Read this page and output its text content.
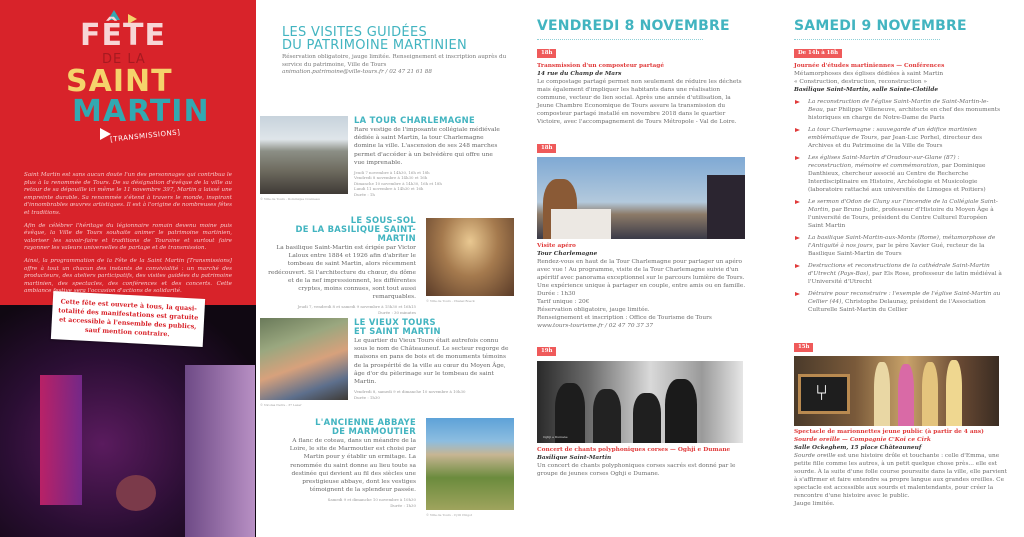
FÊTE
DE LA
SAINT
MARTIN
[TRANSMISSIONS]

Saint Martin est sans aucun doute l'un des personnages qui contribua le plus à la renommée de Tours. De sa désignation d'évêque de la ville au retour de sa dépouille ici même le 11 novembre 397, Martin a laissé une empreinte durable. Sa renommée s'étend à travers le monde, inspirant d'innombrables œuvres artistiques. Il est à l'origine de nombreuses fêtes et traditions.

Afin de célébrer l'héritage du légionnaire romain devenu moine puis évêque, la Ville de Tours souhaite animer le patrimoine martinien, valoriser les savoir-faire et traditions de Touraine et surtout faire rayonner les valeurs universelles de partage et de transmission.

Ainsi, la programmation de la Fête de la Saint Martin [Transmissions] offre à tout un chacun des instants de convivialité : un marché des producteurs, des ateliers participatifs, des visites guidées du patrimoine martinien, des spectacles, des conférences et des concerts. Cette ambiance festive sera l'occasion d'actions de solidarité.

Cette fête est ouverte à tous, la quasi-totalité des manifestations est gratuite et accessible à l'ensemble des publics, sauf mention contraire.
LES VISITES GUIDÉES
DU PATRIMOINE MARTINIEN
Réservation obligatoire, jauge limitée. Renseignement et inscription auprès du service du patrimoine, Ville de Tours
animation.patrimoine@ville-tours.fr / 02 47 21 61 88
© Ville de Tours - Dominique Couineau
LA TOUR CHARLEMAGNE
Rare vestige de l'imposante collégiale médiévale dédiée à saint Martin, la tour Charlemagne domine la ville. L'ascension de ses 248 marches permet d'accéder à un belvédère qui offre une vue imprenable.
Jeudi 7 novembre à 14h30, 16h et 18h
Vendredi 8 novembre à 14h30 et 16h
Dimanche 10 novembre à 14h30, 16h et 18h
Lundi 11 novembre à 14h30 et 16h
Durée : 1h
LE SOUS-SOL
DE LA BASILIQUE SAINT-MARTIN
La basilique Saint-Martin est érigée par Victor Laloux entre 1884 et 1926 afin d'abriter le tombeau de saint Martin, alors récemment redécouvert. Si l'architecture du chœur, du dôme et de la nef impressionnent, les différentes cryptes, moins connues, sont tout aussi remarquables.
Jeudi 7, vendredi 8 et samedi 9 novembre à 15h30 et 16h15
Durée : 30 minutes
© Ville de Tours - Chanel Boeck
© Nicolas Nerre - 37 Lazer
LE VIEUX TOURS
ET SAINT MARTIN
Le quartier du Vieux Tours était autrefois connu sous le nom de Châteauneuf. Le secteur regorge de maisons en pans de bois et de monuments témoins de la prospérité de la ville au cœur du Moyen Âge, âge d'or du pèlerinage sur le tombeau de saint Martin.
Vendredi 8, samedi 9 et dimanche 10 novembre à 10h30
Durée : 1h30
L'ANCIENNE ABBAYE
DE MARMOUTIER
A flanc de coteau, dans un méandre de la Loire, le site de Marmoutier est choisi par Martin pour y établir un ermitage. La renommée du saint donne au lieu toute sa destinée qui devient au fil des siècles une prestigieuse abbaye, dont les vestiges témoignent de la splendeur passée.
Samedi 9 et dimanche 10 novembre à 10h30
Durée : 1h30
© Ville de Tours - Cyril Chigot
VENDREDI 8 NOVEMBRE
18h
Transmission d'un composteur partagé
14 rue du Champ de Mars
Le compostage partagé permet non seulement de réduire les déchets mais également d'impliquer les habitants dans une réalisation commune, vecteur de lien social. Après une année d'utilisation, la Jeune Chambre Economique de Tours assure la transmission du composteur partagé installé en novembre 2018 dans le quartier Victoire, avec l'accompagnement de Tours Métropole - Val de Loire.
18h
Visite apéro
Tour Charlemagne
Rendez-vous en haut de la Tour Charlemagne pour partager un apéro avec vue ! Au programme, visite de la Tour Charlemagne suivie d'un apéritif avec panorama exceptionnel sur le parcours lumière de Tours. Une expérience unique à partager en couple, entre amis ou en famille.
Durée : 1h30
Tarif unique : 20€
Réservation obligatoire, jauge limitée.
Renseignement et inscription : Office de Tourisme de Tours
www.tours-tourisme.fr / 02 47 70 37 37
19h
Oghji e Dumane
Concert de chants polyphoniques corses — Oghji e Dumane
Basilique Saint-Martin
Un concert de chants polyphoniques corses sacrés est donné par le groupe de jeunes corses Oghji e Dumane.
SAMEDI 9 NOVEMBRE
De 14h à 18h
Journée d'études martiniennes — Conférences
Métamorphoses des églises dédiées à saint Martin
« Construction, destruction, reconstruction »
Basilique Saint-Martin, salle Sainte-Clotilde
La reconstruction de l'église Saint-Martin de Saint-Martin-le-Beau, par Philippe Villeneuve, architecte en chef des monuments historiques en charge de Notre-Dame de Paris
La tour Charlemagne : sauvegarde d'un édifice martinien emblématique de Tours, par Jean-Luc Porhel, directeur des Archives et du Patrimoine de la Ville de Tours
Les églises Saint-Martin d'Oradour-sur-Glane (87) : reconstruction, mémoire et commémoration, par Dominique Danthieux, chercheur associé au Centre de Recherche Interdisciplinaire en Histoire, Archéologie et Musicologie (laboratoire rattaché aux universités de Limoges et Poitiers)
Le sermon d'Odon de Cluny sur l'incendie de la Collégiale Saint-Martin, par Bruno Judic, professeur d'Histoire du Moyen Âge à l'université de Tours, président du Centre Culturel Européen Saint Martin
La basilique Saint-Martin-aux-Monts (Rome), métamorphose de l'Antiquité à nos jours, par le père Xavier Gué, recteur de la Basilique Saint-Martin de Tours
Destructions et reconstructions de la cathédrale Saint-Martin d'Utrecht (Pays-Bas), par Els Rose, professeur de latin médiéval à l'Université d'Utrecht
Détruire pour reconstruire : l'exemple de l'église Saint-Martin au Cellier (44), Christophe Delaunay, président de l'Association Culturelle Saint-Martin du Cellier
15h
⑂
Spectacle de marionnettes jeune public (à partir de 4 ans)
Sourde oreille — Compagnie C'Koi ce Cirk
Salle Ockeghem, 15 place Châteauneuf
Sourde oreille est une histoire drôle et touchante : celle d'Emma, une petite fille comme les autres, à un petit quelque chose près... elle est sourde. À la suite d'une folle course poursuite dans la ville, elle parvient à s'affirmer et faire entendre sa propre langue aux grandes oreilles. Ce spectacle est accessible aux sourds et malentendants, pour créer la rencontre d'une histoire avec le public.
Jauge limitée.
